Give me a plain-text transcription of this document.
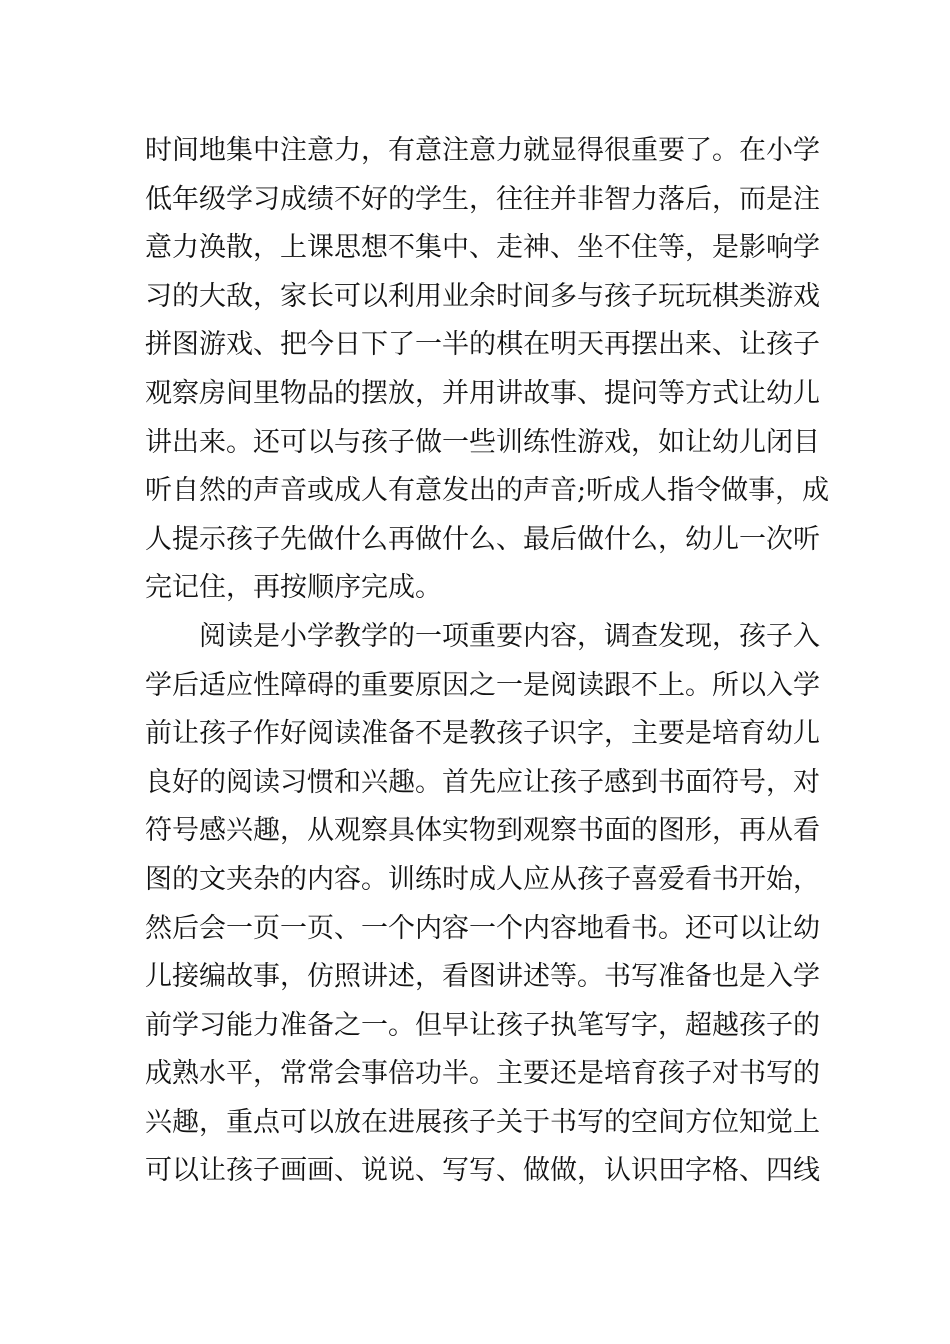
时间地集中注意力，有意注意力就显得很重要了。在小学
低年级学习成绩不好的学生，往往并非智力落后，而是注
意力涣散，上课思想不集中、走神、坐不住等，是影响学
习的大敌，家长可以利用业余时间多与孩子玩玩棋类游戏
拼图游戏、把今日下了一半的棋在明天再摆出来、让孩子
观察房间里物品的摆放，并用讲故事、提问等方式让幼儿
讲出来。还可以与孩子做一些训练性游戏，如让幼儿闭目
听自然的声音或成人有意发出的声音;听成人指令做事，成
人提示孩子先做什么再做什么、最后做什么，幼儿一次听
完记住，再按顺序完成。
阅读是小学教学的一项重要内容，调查发现，孩子入
学后适应性障碍的重要原因之一是阅读跟不上。所以入学
前让孩子作好阅读准备不是教孩子识字，主要是培育幼儿
良好的阅读习惯和兴趣。首先应让孩子感到书面符号，对
符号感兴趣，从观察具体实物到观察书面的图形，再从看
图的文夹杂的内容。训练时成人应从孩子喜爱看书开始，
然后会一页一页、一个内容一个内容地看书。还可以让幼
儿接编故事，仿照讲述，看图讲述等。书写准备也是入学
前学习能力准备之一。但早让孩子执笔写字，超越孩子的
成熟水平，常常会事倍功半。主要还是培育孩子对书写的
兴趣，重点可以放在进展孩子关于书写的空间方位知觉上
可以让孩子画画、说说、写写、做做，认识田字格、四线
